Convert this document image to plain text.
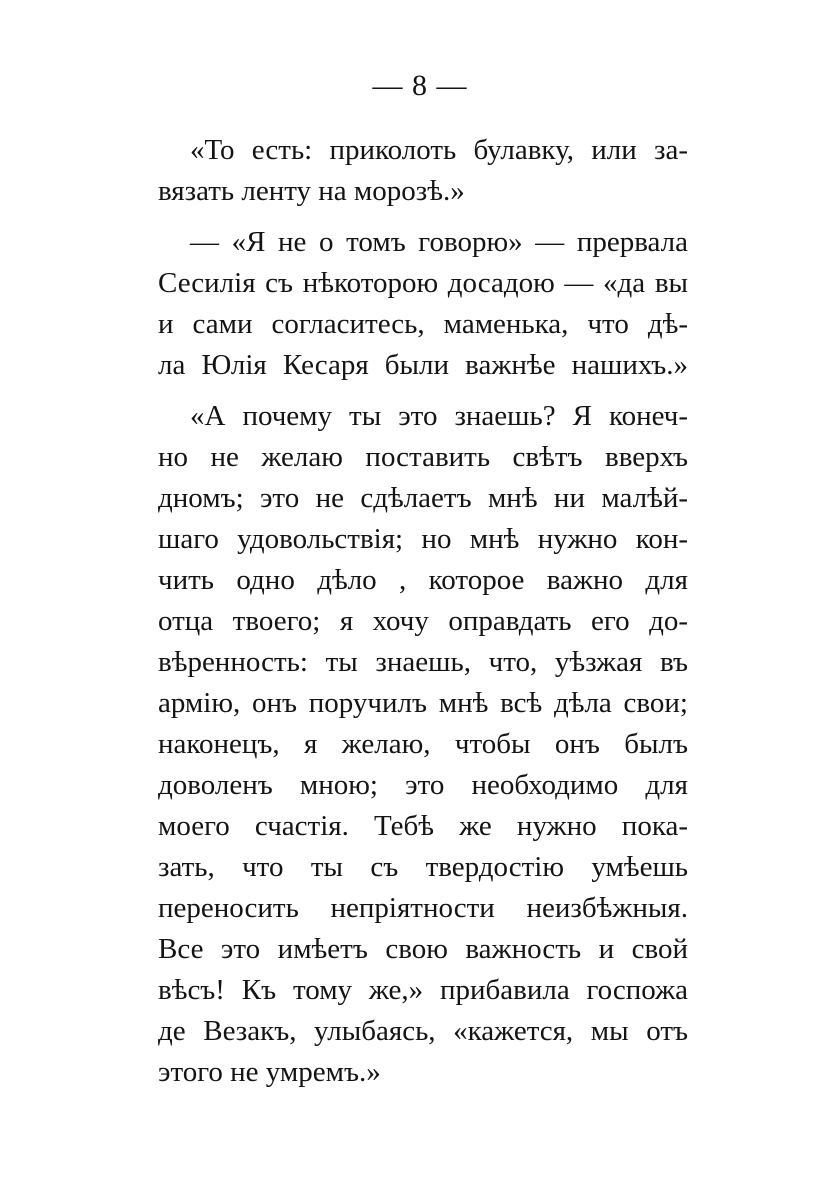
— 8 —
«То есть: приколоть булавку, или за-
вязать ленту на морозѣ.»
— «Я не о томъ говорю» — прервала
Сесилія съ нѣкоторою досадою — «да вы
и сами согласитесь, маменька, что дѣ-
ла Юлія Кесаря были важнѣе нашихъ.»
«А почему ты это знаешь? Я конеч-
но не желаю поставить свѣтъ вверхъ
дномъ; это не сдѣлаетъ мнѣ ни малѣй-
шаго удовольствія; но мнѣ нужно кон-
чить одно дѣло , которое важно для
отца твоего; я хочу оправдать его до-
вѣренность: ты знаешь, что, уѣзжая въ
армію, онъ поручилъ мнѣ всѣ дѣла свои;
наконецъ, я желаю, чтобы онъ былъ
доволенъ мною; это необходимо для
моего счастія. Тебѣ же нужно пока-
зать, что ты съ твердостію умѣешь
переносить непріятности неизбѣжныя.
Все это имѣетъ свою важность и свой
вѣсъ! Къ тому же,» прибавила госпожа
де Везакъ, улыбаясь, «кажется, мы отъ
этого не умремъ.»
